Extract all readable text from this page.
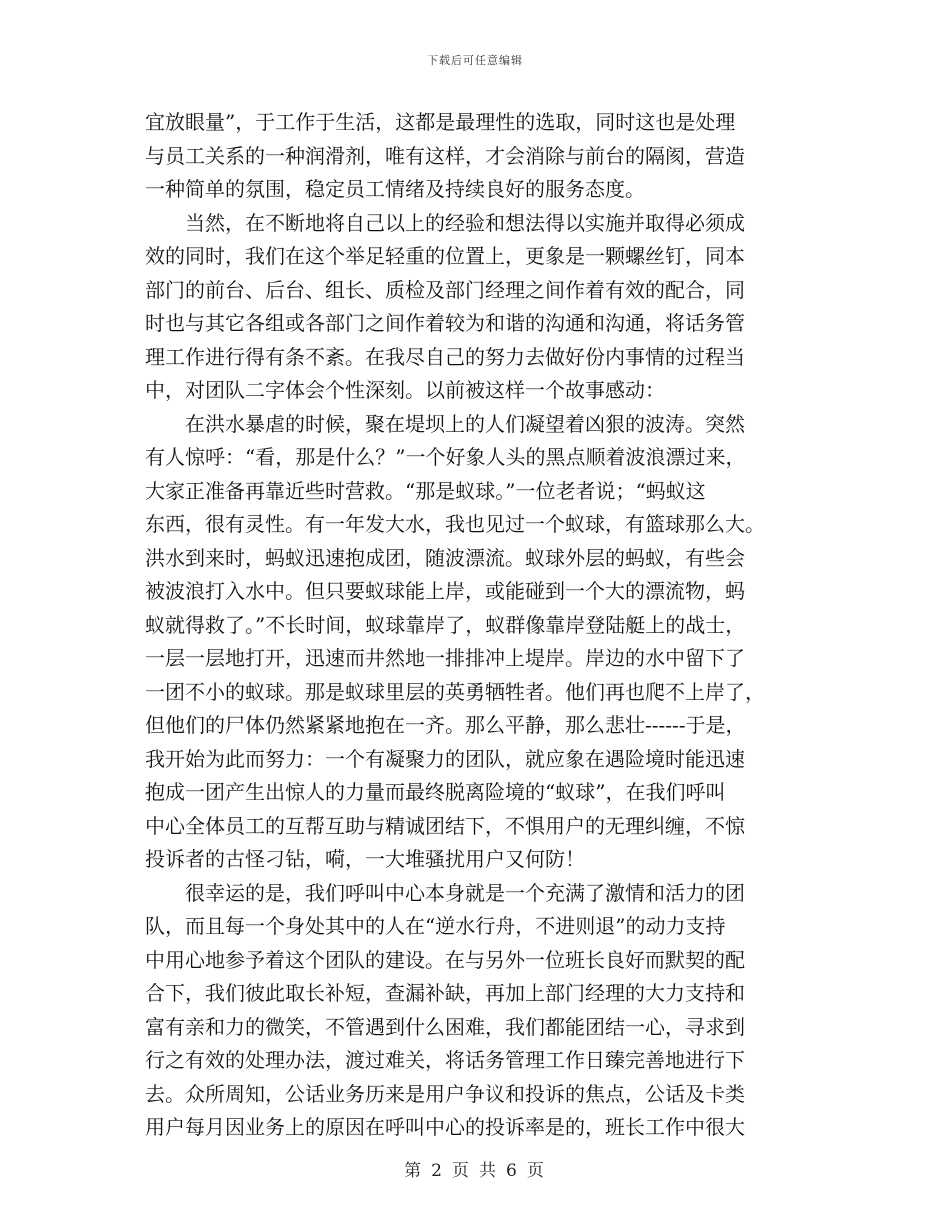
下载后可任意编辑
宜放眼量”，于工作于生活，这都是最理性的选取，同时这也是处理
与员工关系的一种润滑剂，唯有这样，才会消除与前台的隔阂，营造
一种简单的氛围，稳定员工情绪及持续良好的服务态度。
　　当然，在不断地将自己以上的经验和想法得以实施并取得必须成
效的同时，我们在这个举足轻重的位置上，更象是一颗螺丝钉，同本
部门的前台、后台、组长、质检及部门经理之间作着有效的配合，同
时也与其它各组或各部门之间作着较为和谐的沟通和沟通，将话务管
理工作进行得有条不紊。在我尽自己的努力去做好份内事情的过程当
中，对团队二字体会个性深刻。以前被这样一个故事感动：
　　在洪水暴虐的时候，聚在堤坝上的人们凝望着凶狠的波涛。突然
有人惊呼：“看，那是什么？”一个好象人头的黑点顺着波浪漂过来，
大家正准备再靠近些时营救。“那是蚁球。”一位老者说；“蚂蚁这
东西，很有灵性。有一年发大水，我也见过一个蚁球，有篮球那么大。
洪水到来时，蚂蚁迅速抱成团，随波漂流。蚁球外层的蚂蚁，有些会
被波浪打入水中。但只要蚁球能上岸，或能碰到一个大的漂流物，蚂
蚁就得救了。”不长时间，蚁球靠岸了，蚁群像靠岸登陆艇上的战士，
一层一层地打开，迅速而井然地一排排冲上堤岸。岸边的水中留下了
一团不小的蚁球。那是蚁球里层的英勇牺牲者。他们再也爬不上岸了，
但他们的尸体仍然紧紧地抱在一齐。那么平静，那么悲壮------于是，
我开始为此而努力：一个有凝聚力的团队，就应象在遇险境时能迅速
抱成一团产生出惊人的力量而最终脱离险境的“蚁球”，在我们呼叫
中心全体员工的互帮互助与精诚团结下，不惧用户的无理纠缠，不惊
投诉者的古怪刁钻，嗬，一大堆骚扰用户又何防！
　　很幸运的是，我们呼叫中心本身就是一个充满了激情和活力的团
队，而且每一个身处其中的人在“逆水行舟，不进则退”的动力支持
中用心地参予着这个团队的建设。在与另外一位班长良好而默契的配
合下，我们彼此取长补短，查漏补缺，再加上部门经理的大力支持和
富有亲和力的微笑，不管遇到什么困难，我们都能团结一心，寻求到
行之有效的处理办法，渡过难关，将话务管理工作日臻完善地进行下
去。众所周知，公话业务历来是用户争议和投诉的焦点，公话及卡类
用户每月因业务上的原因在呼叫中心的投诉率是的，班长工作中很大
第 2 页 共 6 页
